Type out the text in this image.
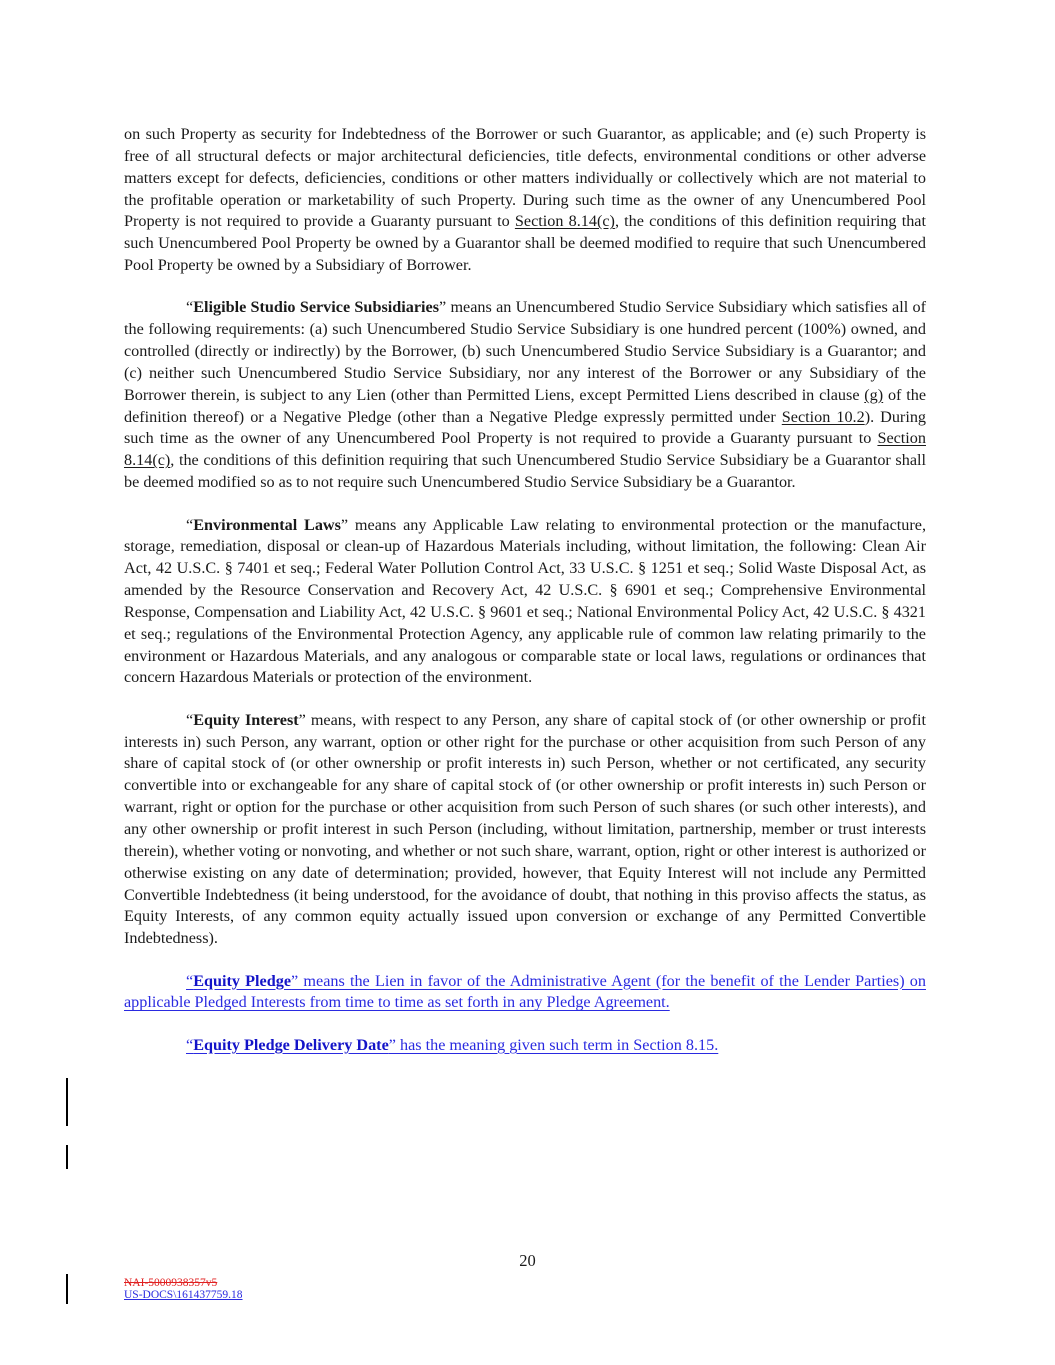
on such Property as security for Indebtedness of the Borrower or such Guarantor, as applicable; and (e) such Property is free of all structural defects or major architectural deficiencies, title defects, environmental conditions or other adverse matters except for defects, deficiencies, conditions or other matters individually or collectively which are not material to the profitable operation or marketability of such Property. During such time as the owner of any Unencumbered Pool Property is not required to provide a Guaranty pursuant to Section 8.14(c), the conditions of this definition requiring that such Unencumbered Pool Property be owned by a Guarantor shall be deemed modified to require that such Unencumbered Pool Property be owned by a Subsidiary of Borrower.

“Eligible Studio Service Subsidiaries” means an Unencumbered Studio Service Subsidiary which satisfies all of the following requirements: (a) such Unencumbered Studio Service Subsidiary is one hundred percent (100%) owned, and controlled (directly or indirectly) by the Borrower, (b) such Unencumbered Studio Service Subsidiary is a Guarantor; and (c) neither such Unencumbered Studio Service Subsidiary, nor any interest of the Borrower or any Subsidiary of the Borrower therein, is subject to any Lien (other than Permitted Liens, except Permitted Liens described in clause (g) of the definition thereof) or a Negative Pledge (other than a Negative Pledge expressly permitted under Section 10.2). During such time as the owner of any Unencumbered Pool Property is not required to provide a Guaranty pursuant to Section 8.14(c), the conditions of this definition requiring that such Unencumbered Studio Service Subsidiary be a Guarantor shall be deemed modified so as to not require such Unencumbered Studio Service Subsidiary be a Guarantor.

“Environmental Laws” means any Applicable Law relating to environmental protection or the manufacture, storage, remediation, disposal or clean-up of Hazardous Materials including, without limitation, the following: Clean Air Act, 42 U.S.C. § 7401 et seq.; Federal Water Pollution Control Act, 33 U.S.C. § 1251 et seq.; Solid Waste Disposal Act, as amended by the Resource Conservation and Recovery Act, 42 U.S.C. § 6901 et seq.; Comprehensive Environmental Response, Compensation and Liability Act, 42 U.S.C. § 9601 et seq.; National Environmental Policy Act, 42 U.S.C. § 4321 et seq.; regulations of the Environmental Protection Agency, any applicable rule of common law relating primarily to the environment or Hazardous Materials, and any analogous or comparable state or local laws, regulations or ordinances that concern Hazardous Materials or protection of the environment.

“Equity Interest” means, with respect to any Person, any share of capital stock of (or other ownership or profit interests in) such Person, any warrant, option or other right for the purchase or other acquisition from such Person of any share of capital stock of (or other ownership or profit interests in) such Person, whether or not certificated, any security convertible into or exchangeable for any share of capital stock of (or other ownership or profit interests in) such Person or warrant, right or option for the purchase or other acquisition from such Person of such shares (or such other interests), and any other ownership or profit interest in such Person (including, without limitation, partnership, member or trust interests therein), whether voting or nonvoting, and whether or not such share, warrant, option, right or other interest is authorized or otherwise existing on any date of determination; provided, however, that Equity Interest will not include any Permitted Convertible Indebtedness (it being understood, for the avoidance of doubt, that nothing in this proviso affects the status, as Equity Interests, of any common equity actually issued upon conversion or exchange of any Permitted Convertible Indebtedness).

“Equity Pledge” means the Lien in favor of the Administrative Agent (for the benefit of the Lender Parties) on applicable Pledged Interests from time to time as set forth in any Pledge Agreement.

“Equity Pledge Delivery Date” has the meaning given such term in Section 8.15.

20
NAI-5000938357v5
US-DOCS\161437759.18
